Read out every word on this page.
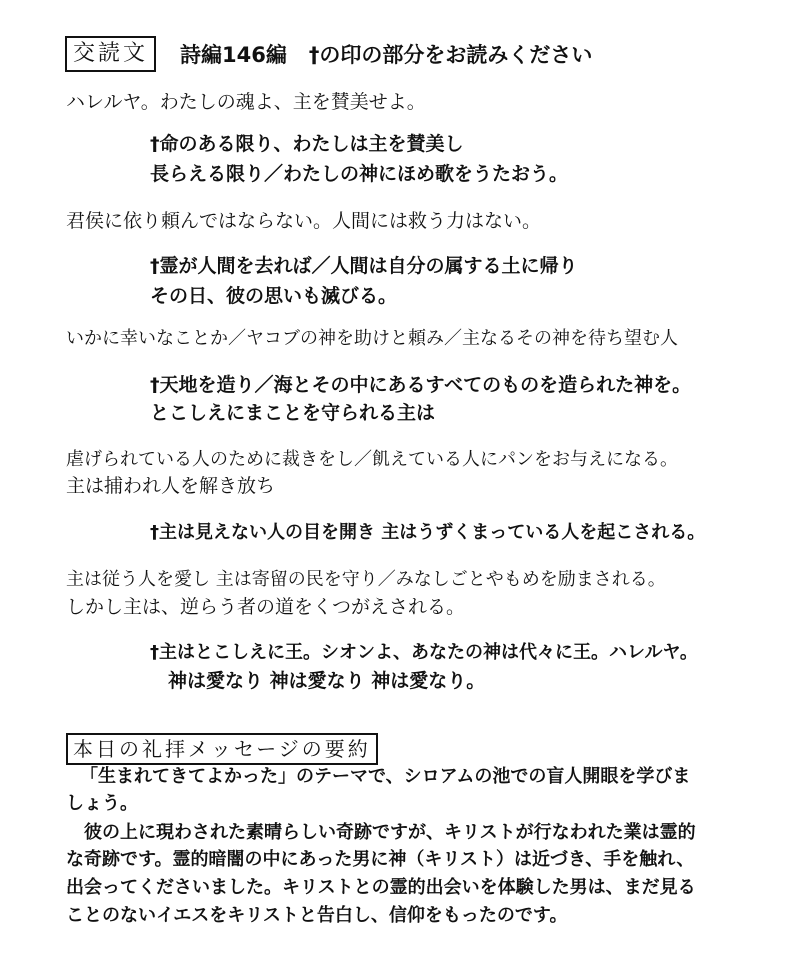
交読文	詩編146編 †の印の部分をお読みください
ハレルヤ。わたしの魂よ、主を賛美せよ。
†命のある限り、わたしは主を賛美し
長らえる限り／わたしの神にほめ歌をうたおう。
君侯に依り頼んではならない。人間には救う力はない。
†霊が人間を去れば／人間は自分の属する土に帰り
その日、彼の思いも滅びる。
いかに幸いなことか／ヤコブの神を助けと頼み／主なるその神を待ち望む人
†天地を造り／海とその中にあるすべてのものを造られた神を。
とこしえにまことを守られる主は
虐げられている人のために裁きをし／飢えている人にパンをお与えになる。
主は捕われ人を解き放ち
†主は見えない人の目を開き 主はうずくまっている人を起こされる。
主は従う人を愛し 主は寄留の民を守り／みなしごとやもめを励まされる。
しかし主は、逆らう者の道をくつがえされる。
†主はとこしえに王。シオンよ、あなたの神は代々に王。ハレルヤ。
神は愛なり 神は愛なり 神は愛なり。
本日の礼拝メッセージの要約
「生まれてきてよかった」のテーマで、シロアムの池での盲人開眼を学びま
しょう。
彼の上に現わされた素晴らしい奇跡ですが、キリストが行なわれた業は霊的
な奇跡です。霊的暗闇の中にあった男に神（キリスト）は近づき、手を触れ、
出会ってくださいました。キリストとの霊的出会いを体験した男は、まだ見る
ことのないイエスをキリストと告白し、信仰をもったのです。
